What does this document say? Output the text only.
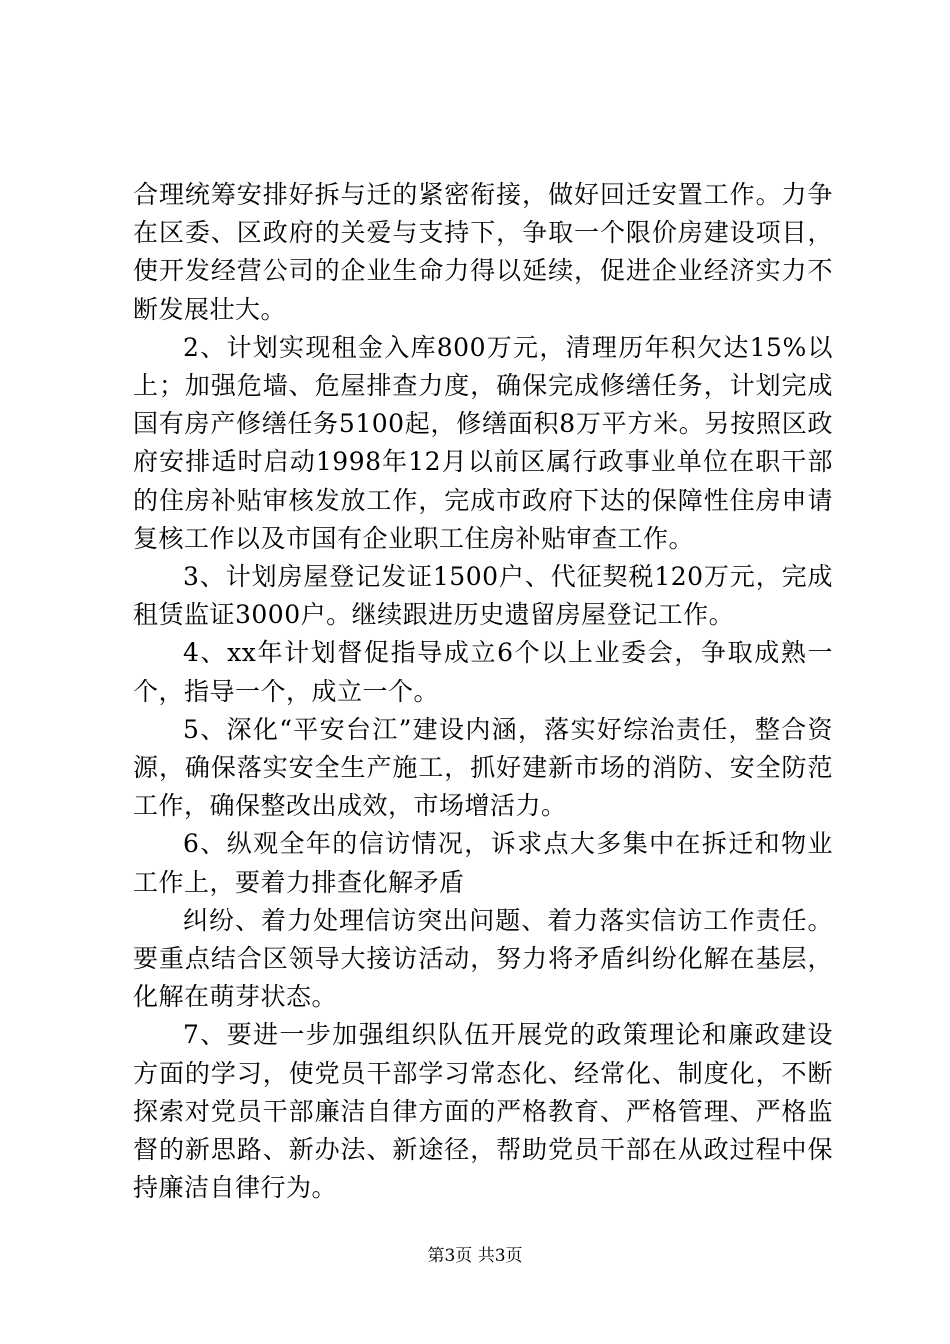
合理统筹安排好拆与迁的紧密衔接，做好回迁安置工作。力争在区委、区政府的关爱与支持下，争取一个限价房建设项目，使开发经营公司的企业生命力得以延续，促进企业经济实力不断发展壮大。

2、计划实现租金入库800万元，清理历年积欠达15%以上；加强危墙、危屋排查力度，确保完成修缮任务，计划完成国有房产修缮任务5100起，修缮面积8万平方米。另按照区政府安排适时启动1998年12月以前区属行政事业单位在职干部的住房补贴审核发放工作，完成市政府下达的保障性住房申请复核工作以及市国有企业职工住房补贴审查工作。

3、计划房屋登记发证1500户、代征契税120万元，完成租赁监证3000户。继续跟进历史遗留房屋登记工作。

4、xx年计划督促指导成立6个以上业委会，争取成熟一个，指导一个，成立一个。

5、深化“平安台江”建设内涵，落实好综治责任，整合资源，确保落实安全生产施工，抓好建新市场的消防、安全防范工作，确保整改出成效，市场增活力。

6、纵观全年的信访情况，诉求点大多集中在拆迁和物业工作上，要着力排查化解矛盾

纠纷、着力处理信访突出问题、着力落实信访工作责任。要重点结合区领导大接访活动，努力将矛盾纠纷化解在基层，化解在萌芽状态。

7、要进一步加强组织队伍开展党的政策理论和廉政建设方面的学习，使党员干部学习常态化、经常化、制度化，不断探索对党员干部廉洁自律方面的严格教育、严格管理、严格监督的新思路、新办法、新途径，帮助党员干部在从政过程中保持廉洁自律行为。

第3页 共3页
